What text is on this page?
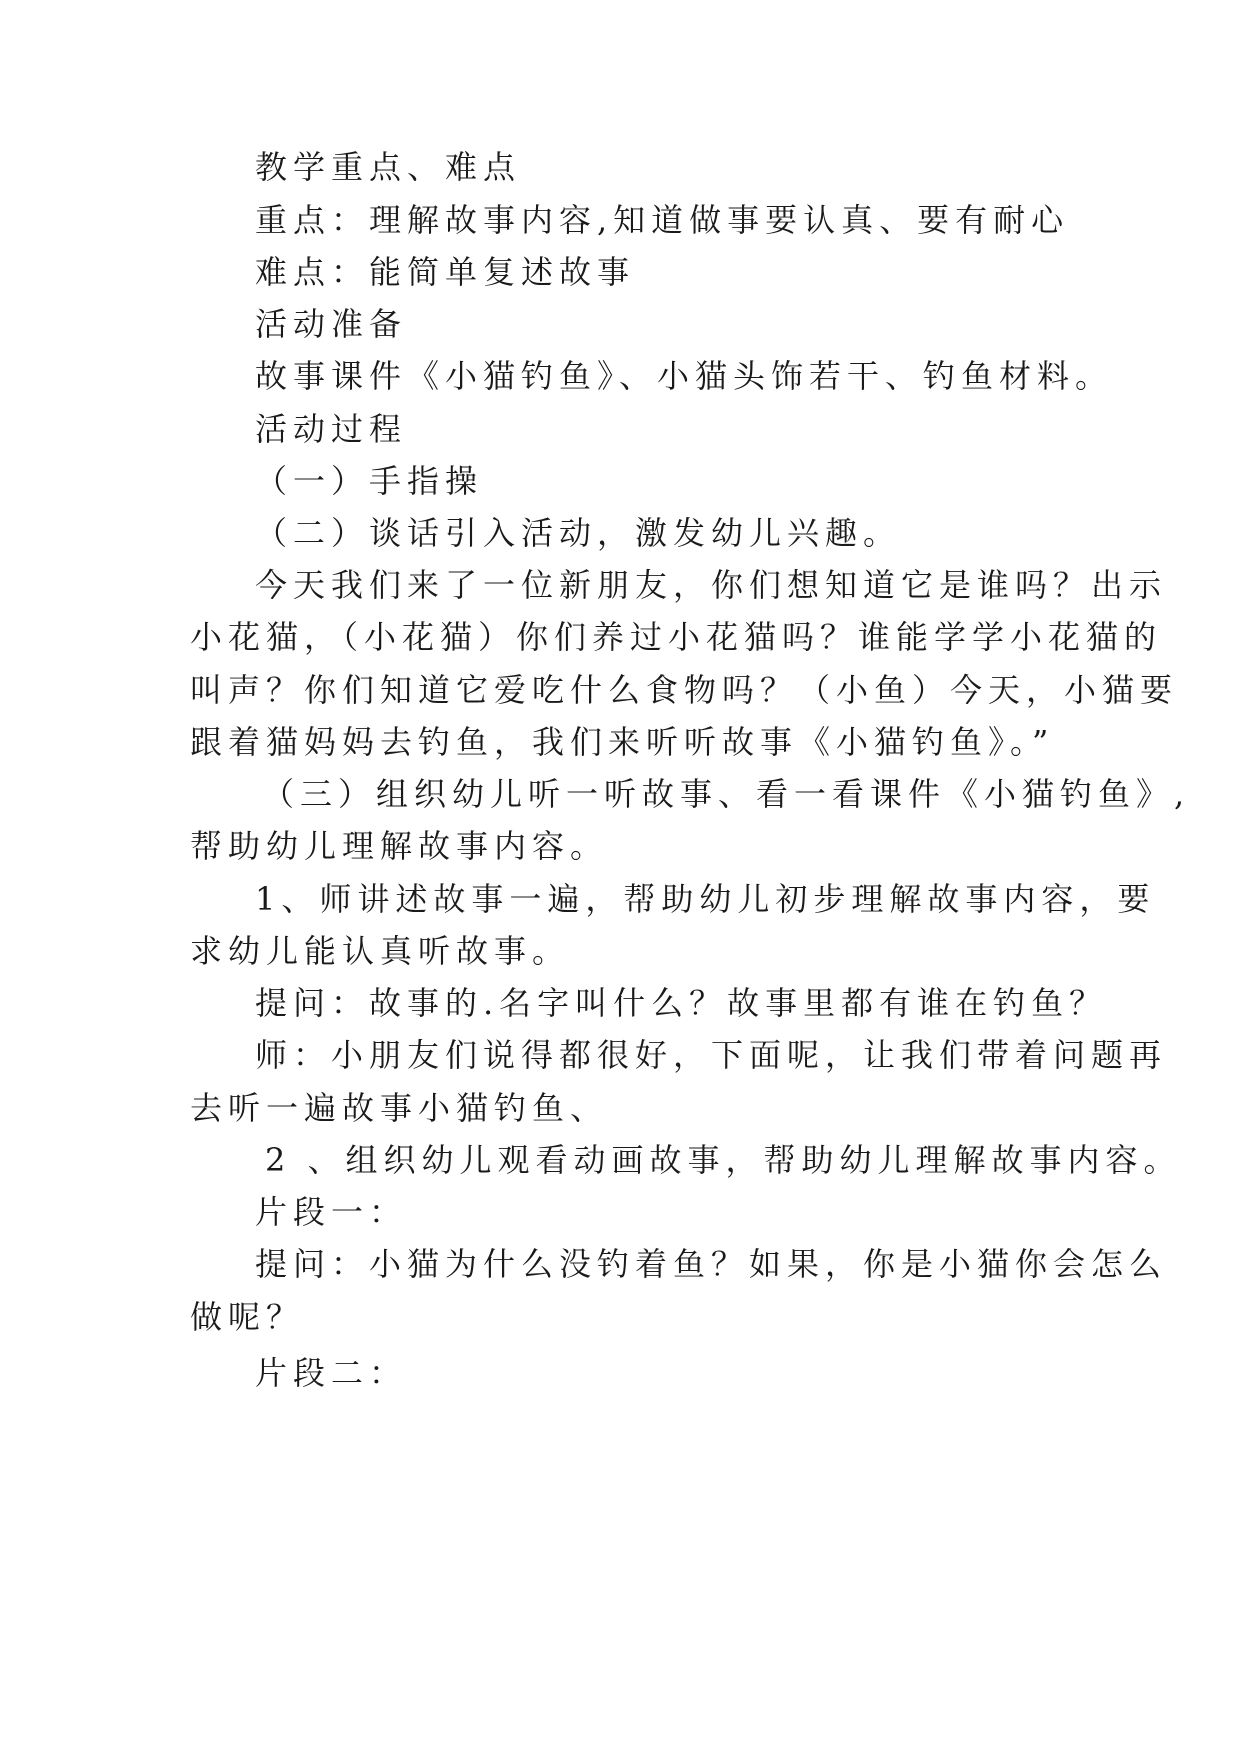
教学重点、难点
重点：理解故事内容,知道做事要认真、要有耐心
难点：能简单复述故事
活动准备
故事课件《小猫钓鱼》、小猫头饰若干、钓鱼材料。
活动过程
（一）手指操
（二）谈话引入活动，激发幼儿兴趣。
今天我们来了一位新朋友，你们想知道它是谁吗？出示
小花猫，（小花猫）你们养过小花猫吗？谁能学学小花猫的
叫声？你们知道它爱吃什么食物吗？（小鱼）今天，小猫要
跟着猫妈妈去钓鱼，我们来听听故事《小猫钓鱼》。”
（三）组织幼儿听一听故事、看一看课件《小猫钓鱼》,
帮助幼儿理解故事内容。
1、师讲述故事一遍，帮助幼儿初步理解故事内容，要
求幼儿能认真听故事。
提问：故事的.名字叫什么？故事里都有谁在钓鱼？
师：小朋友们说得都很好，下面呢，让我们带着问题再
去听一遍故事小猫钓鱼、
2 、组织幼儿观看动画故事，帮助幼儿理解故事内容。
片段一：
提问：小猫为什么没钓着鱼？如果，你是小猫你会怎么
做呢？
片段二：
